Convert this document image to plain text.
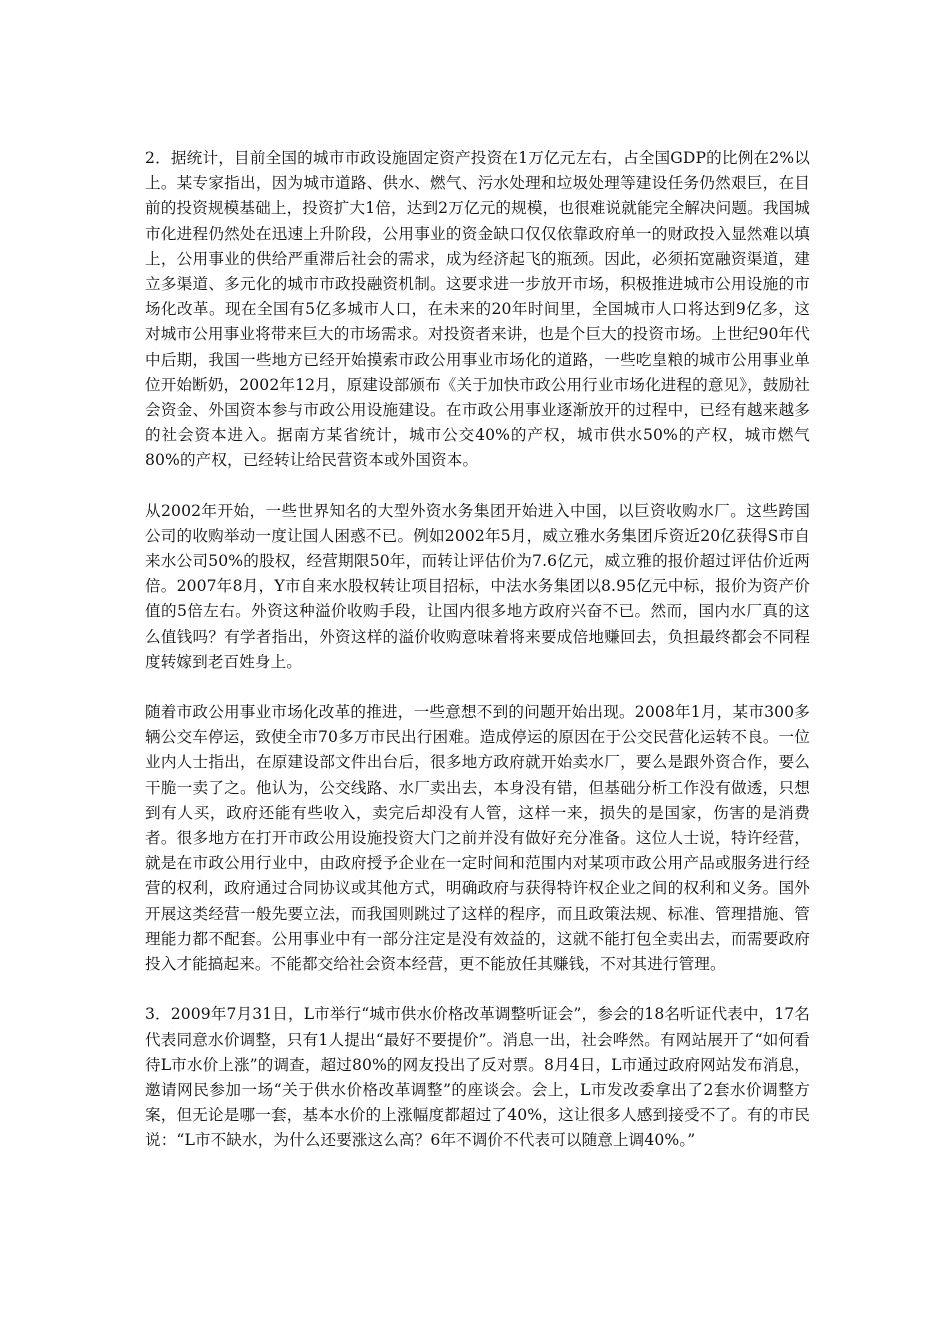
2．据统计，目前全国的城市市政设施固定资产投资在1万亿元左右，占全国GDP的比例在2%以上。某专家指出，因为城市道路、供水、燃气、污水处理和垃圾处理等建设任务仍然艰巨，在目前的投资规模基础上，投资扩大1倍，达到2万亿元的规模，也很难说就能完全解决问题。我国城市化进程仍然处在迅速上升阶段，公用事业的资金缺口仅仅依靠政府单一的财政投入显然难以填上，公用事业的供给严重滞后社会的需求，成为经济起飞的瓶颈。因此，必须拓宽融资渠道，建立多渠道、多元化的城市市政投融资机制。这要求进一步放开市场，积极推进城市公用设施的市场化改革。现在全国有5亿多城市人口，在未来的20年时间里，全国城市人口将达到9亿多，这对城市公用事业将带来巨大的市场需求。对投资者来讲，也是个巨大的投资市场。上世纪90年代中后期，我国一些地方已经开始摸索市政公用事业市场化的道路，一些吃皇粮的城市公用事业单位开始断奶，2002年12月，原建设部颁布《关于加快市政公用行业市场化进程的意见》，鼓励社会资金、外国资本参与市政公用设施建设。在市政公用事业逐渐放开的过程中，已经有越来越多的社会资本进入。据南方某省统计，城市公交40%的产权，城市供水50%的产权，城市燃气80%的产权，已经转让给民营资本或外国资本。

从2002年开始，一些世界知名的大型外资水务集团开始进入中国，以巨资收购水厂。这些跨国公司的收购举动一度让国人困惑不已。例如2002年5月，威立雅水务集团斥资近20亿获得S市自来水公司50%的股权，经营期限50年，而转让评估价为7.6亿元，威立雅的报价超过评估价近两倍。2007年8月，Y市自来水股权转让项目招标，中法水务集团以8.95亿元中标，报价为资产价值的5倍左右。外资这种溢价收购手段，让国内很多地方政府兴奋不已。然而，国内水厂真的这么值钱吗？有学者指出，外资这样的溢价收购意味着将来要成倍地赚回去，负担最终都会不同程度转嫁到老百姓身上。

随着市政公用事业市场化改革的推进，一些意想不到的问题开始出现。2008年1月，某市300多辆公交车停运，致使全市70多万市民出行困难。造成停运的原因在于公交民营化运转不良。一位业内人士指出，在原建设部文件出台后，很多地方政府就开始卖水厂，要么是跟外资合作，要么干脆一卖了之。他认为，公交线路、水厂卖出去，本身没有错，但基础分析工作没有做透，只想到有人买，政府还能有些收入，卖完后却没有人管，这样一来，损失的是国家，伤害的是消费者。很多地方在打开市政公用设施投资大门之前并没有做好充分准备。这位人士说，特许经营，就是在市政公用行业中，由政府授予企业在一定时间和范围内对某项市政公用产品或服务进行经营的权利，政府通过合同协议或其他方式，明确政府与获得特许权企业之间的权利和义务。国外开展这类经营一般先要立法，而我国则跳过了这样的程序，而且政策法规、标准、管理措施、管理能力都不配套。公用事业中有一部分注定是没有效益的，这就不能打包全卖出去，而需要政府投入才能搞起来。不能都交给社会资本经营，更不能放任其赚钱，不对其进行管理。

3．2009年7月31日，L市举行“城市供水价格改革调整听证会”，参会的18名听证代表中，17名代表同意水价调整，只有1人提出“最好不要提价”。消息一出，社会哗然。有网站展开了“如何看待L市水价上涨”的调查，超过80%的网友投出了反对票。8月4日，L市通过政府网站发布消息，邀请网民参加一场“关于供水价格改革调整”的座谈会。会上，L市发改委拿出了2套水价调整方案，但无论是哪一套，基本水价的上涨幅度都超过了40%，这让很多人感到接受不了。有的市民说：“L市不缺水，为什么还要涨这么高？6年不调价不代表可以随意上调40%。”
